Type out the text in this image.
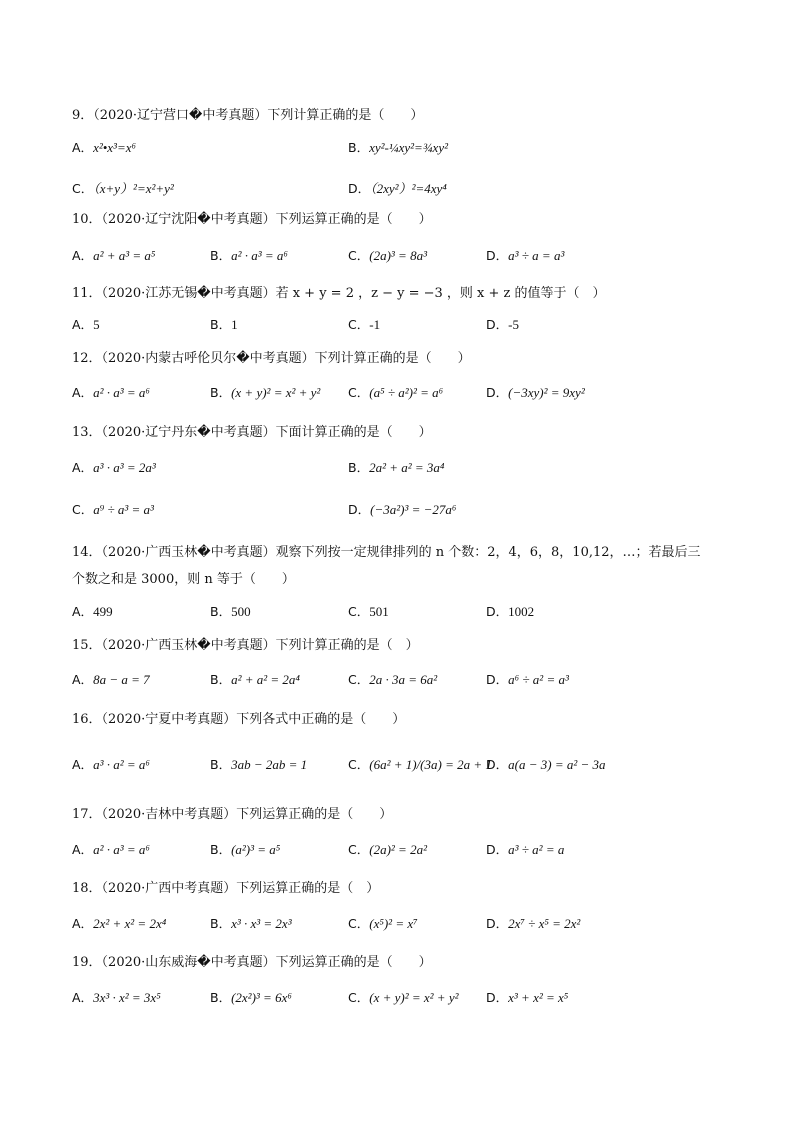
9．（2020·辽宁营口�中考真题）下列计算正确的是（　　）
A．x²•x³=x⁶	B．xy²-¼xy²=¾xy²
C．（x+y）²=x²+y²	D．（2xy²）²=4xy⁴
10．（2020·辽宁沈阳�中考真题）下列运算正确的是（　　）
A．a² + a³ = a⁵	B．a² · a³ = a⁶	C．(2a)³ = 8a³	D．a³ ÷ a = a³
11．（2020·江苏无锡�中考真题）若 x + y = 2 ，z − y = −3 ，则 x + z 的值等于（　）
A．5	B．1	C．-1	D．-5
12．（2020·内蒙古呼伦贝尔�中考真题）下列计算正确的是（　　）
A．a² · a³ = a⁶	B．(x + y)² = x² + y² C．(a⁵ ÷ a²)² = a⁶	D．(−3xy)² = 9xy²
13．（2020·辽宁丹东�中考真题）下面计算正确的是（　　）
A．a³ · a³ = 2a³	B．2a² + a² = 3a⁴
C．a⁹ ÷ a³ = a³	D．(−3a²)³ = −27a⁶
14．（2020·广西玉林�中考真题）观察下列按一定规律排列的 n 个数：2，4，6，8，10,12，…；若最后三
个数之和是 3000，则 n 等于（　　）
A．499	B．500	C．501	D．1002
15．（2020·广西玉林�中考真题）下列计算正确的是（　）
A．8a − a = 7	B．a² + a² = 2a⁴	C．2a · 3a = 6a²	D．a⁶ ÷ a² = a³
16．（2020·宁夏中考真题）下列各式中正确的是（　　）
A．a³ · a² = a⁶	B．3ab − 2ab = 1	C．(6a² + 1)/(3a) = 2a + 1
D．a(a − 3) = a² − 3a
17．（2020·吉林中考真题）下列运算正确的是（　　）
A．a² · a³ = a⁶	B．(a²)³ = a⁵	C．(2a)² = 2a²	D．a³ ÷ a² = a
18．（2020·广西中考真题）下列运算正确的是（　）
A．2x² + x² = 2x⁴	B．x³ · x³ = 2x³	C．(x⁵)² = x⁷	D．2x⁷ ÷ x⁵ = 2x²
19．（2020·山东威海�中考真题）下列运算正确的是（　　）
A．3x³ · x² = 3x⁵	B．(2x²)³ = 6x⁶	C．(x + y)² = x² + y² D．x³ + x² = x⁵
